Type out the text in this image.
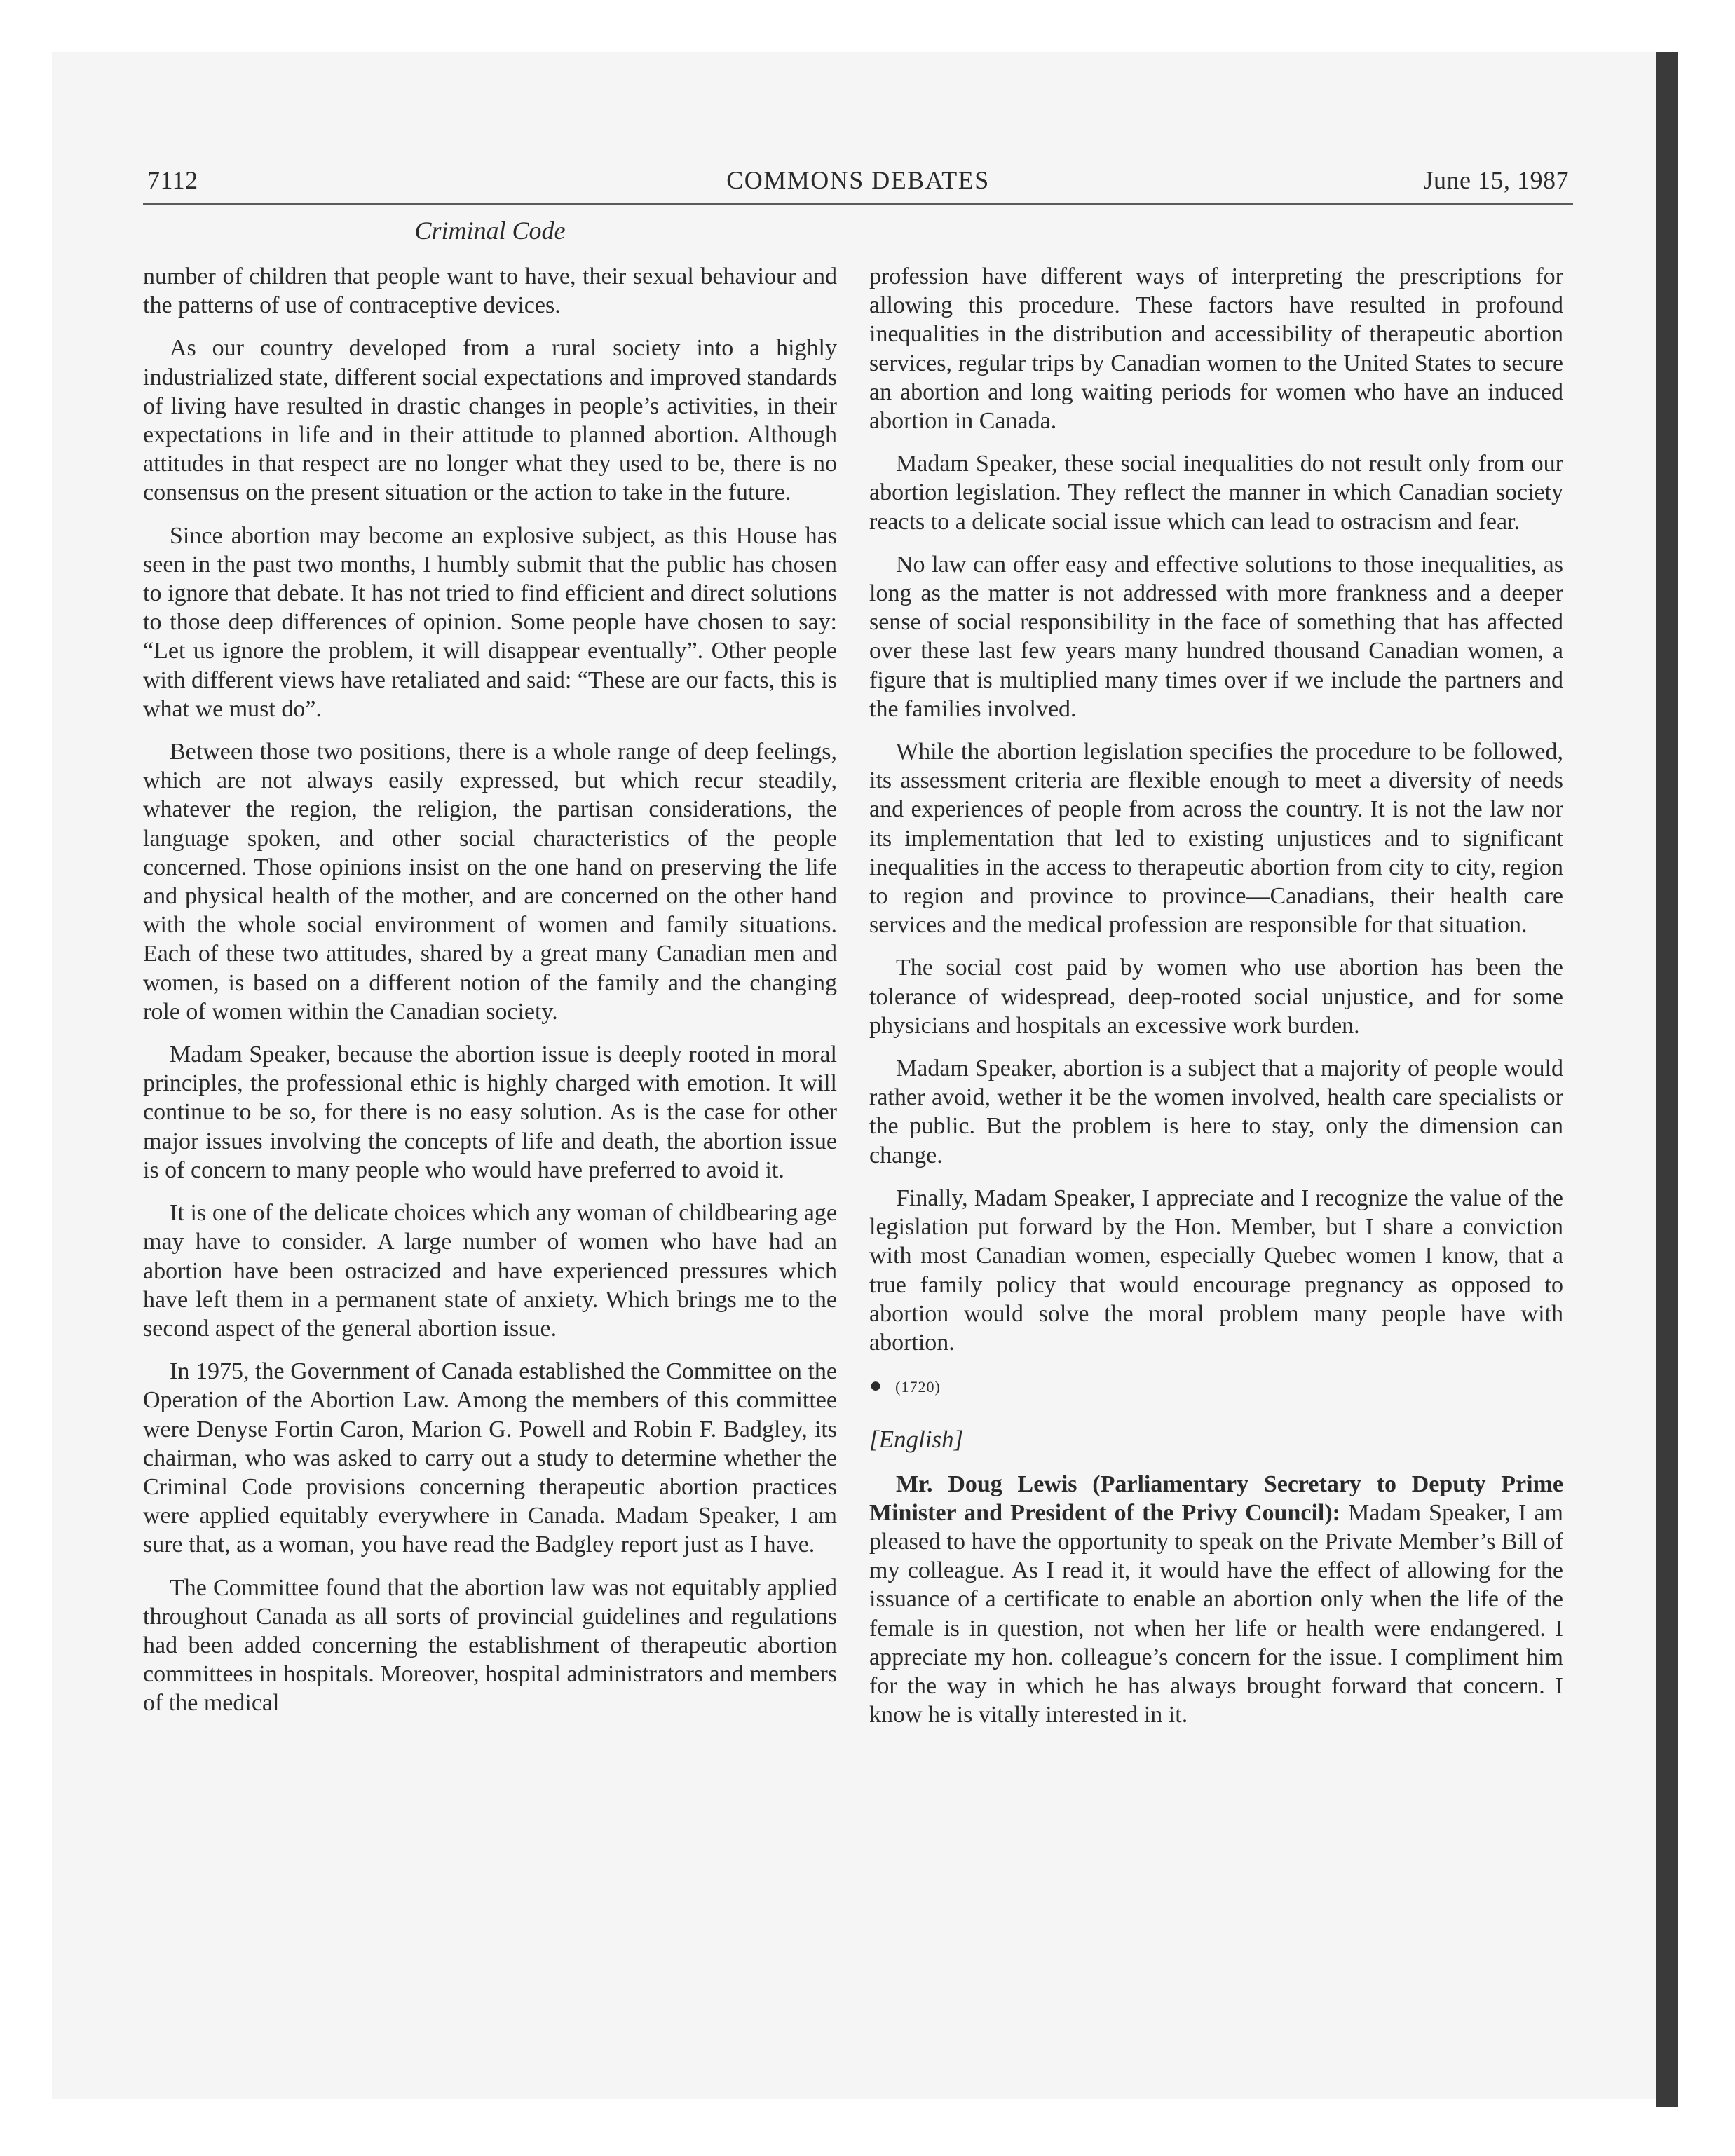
7112	COMMONS DEBATES	June 15, 1987
Criminal Code

number of children that people want to have, their sexual behaviour and the patterns of use of contraceptive devices.

As our country developed from a rural society into a highly industrialized state, different social expectations and improved standards of living have resulted in drastic changes in people’s activities, in their expectations in life and in their attitude to planned abortion. Although attitudes in that respect are no longer what they used to be, there is no consensus on the present situation or the action to take in the future.

Since abortion may become an explosive subject, as this House has seen in the past two months, I humbly submit that the public has chosen to ignore that debate. It has not tried to find efficient and direct solutions to those deep differences of opinion. Some people have chosen to say: “Let us ignore the problem, it will disappear eventually”. Other people with different views have retaliated and said: “These are our facts, this is what we must do”.

Between those two positions, there is a whole range of deep feelings, which are not always easily expressed, but which recur steadily, whatever the region, the religion, the partisan considerations, the language spoken, and other social characteristics of the people concerned. Those opinions insist on the one hand on preserving the life and physical health of the mother, and are concerned on the other hand with the whole social environment of women and family situations. Each of these two attitudes, shared by a great many Canadian men and women, is based on a different notion of the family and the changing role of women within the Canadian society.

Madam Speaker, because the abortion issue is deeply rooted in moral principles, the professional ethic is highly charged with emotion. It will continue to be so, for there is no easy solution. As is the case for other major issues involving the concepts of life and death, the abortion issue is of concern to many people who would have preferred to avoid it.

It is one of the delicate choices which any woman of childbearing age may have to consider. A large number of women who have had an abortion have been ostracized and have experienced pressures which have left them in a permanent state of anxiety. Which brings me to the second aspect of the general abortion issue.

In 1975, the Government of Canada established the Committee on the Operation of the Abortion Law. Among the members of this committee were Denyse Fortin Caron, Marion G. Powell and Robin F. Badgley, its chairman, who was asked to carry out a study to determine whether the Criminal Code provisions concerning therapeutic abortion practices were applied equitably everywhere in Canada. Madam Speaker, I am sure that, as a woman, you have read the Badgley report just as I have.

The Committee found that the abortion law was not equitably applied throughout Canada as all sorts of provincial guidelines and regulations had been added concerning the establishment of therapeutic abortion committees in hospitals. Moreover, hospital administrators and members of the medical

profession have different ways of interpreting the prescriptions for allowing this procedure. These factors have resulted in profound inequalities in the distribution and accessibility of therapeutic abortion services, regular trips by Canadian women to the United States to secure an abortion and long waiting periods for women who have an induced abortion in Canada.

Madam Speaker, these social inequalities do not result only from our abortion legislation. They reflect the manner in which Canadian society reacts to a delicate social issue which can lead to ostracism and fear.

No law can offer easy and effective solutions to those inequalities, as long as the matter is not addressed with more frankness and a deeper sense of social responsibility in the face of something that has affected over these last few years many hundred thousand Canadian women, a figure that is multiplied many times over if we include the partners and the families involved.

While the abortion legislation specifies the procedure to be followed, its assessment criteria are flexible enough to meet a diversity of needs and experiences of people from across the country. It is not the law nor its implementation that led to existing unjustices and to significant inequalities in the access to therapeutic abortion from city to city, region to region and province to province—Canadians, their health care services and the medical profession are responsible for that situation.

The social cost paid by women who use abortion has been the tolerance of widespread, deep-rooted social unjustice, and for some physicians and hospitals an excessive work burden.

Madam Speaker, abortion is a subject that a majority of people would rather avoid, wether it be the women involved, health care specialists or the public. But the problem is here to stay, only the dimension can change.

Finally, Madam Speaker, I appreciate and I recognize the value of the legislation put forward by the Hon. Member, but I share a conviction with most Canadian women, especially Quebec women I know, that a true family policy that would encourage pregnancy as opposed to abortion would solve the moral problem many people have with abortion.

● (1720)
[English]

Mr. Doug Lewis (Parliamentary Secretary to Deputy Prime Minister and President of the Privy Council): Madam Speaker, I am pleased to have the opportunity to speak on the Private Member’s Bill of my colleague. As I read it, it would have the effect of allowing for the issuance of a certificate to enable an abortion only when the life of the female is in question, not when her life or health were endangered. I appreciate my hon. colleague’s concern for the issue. I compliment him for the way in which he has always brought forward that concern. I know he is vitally interested in it.
